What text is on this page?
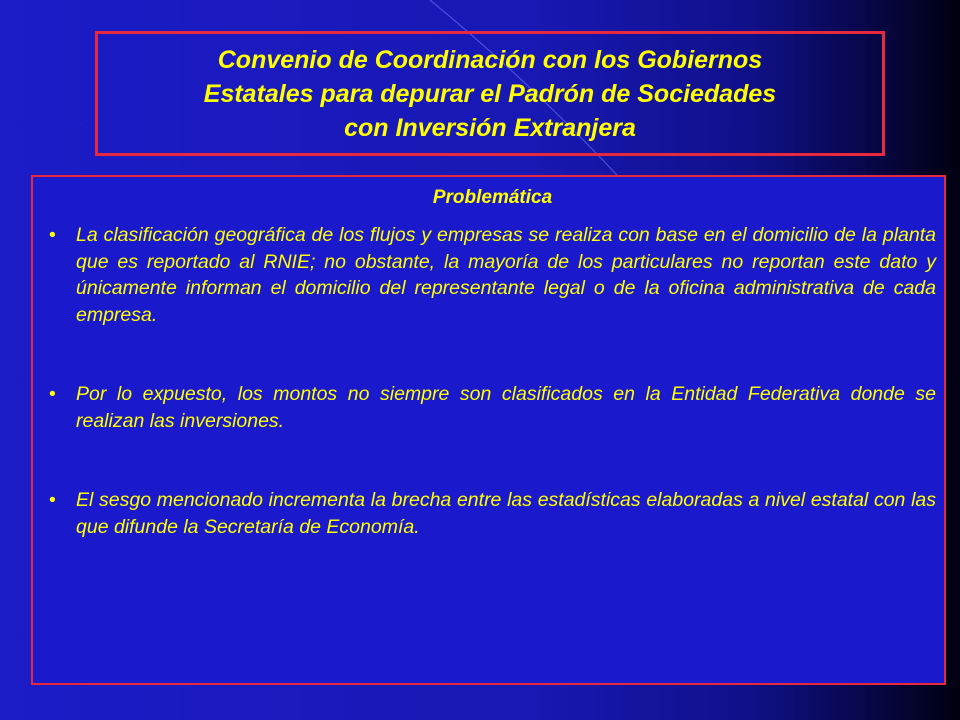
Convenio de Coordinación con los Gobiernos
Estatales para depurar el Padrón de Sociedades
con Inversión Extranjera
Problemática
•	La clasificación geográfica de los flujos y empresas se realiza con base en el domicilio de la planta que es reportado al RNIE; no obstante, la mayoría de los particulares no reportan este dato y únicamente informan el domicilio del representante legal o de la oficina administrativa de cada empresa.
•	Por lo expuesto, los montos no siempre son clasificados en la Entidad Federativa donde se realizan las inversiones.
•	El sesgo mencionado incrementa la brecha entre las estadísticas elaboradas a nivel estatal con las que difunde la Secretaría de Economía.
